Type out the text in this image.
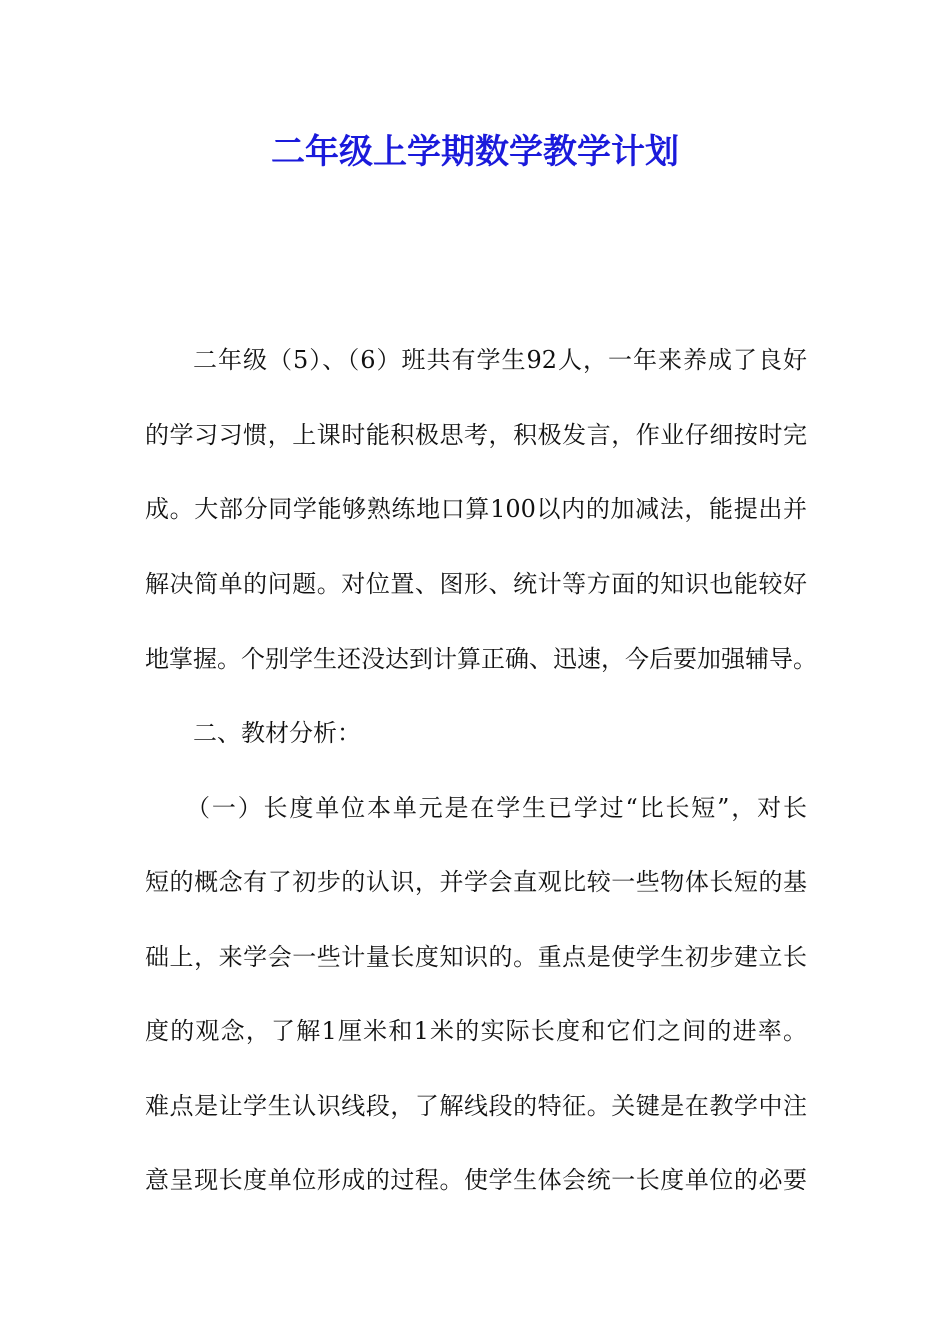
二年级上学期数学教学计划

二年级（5）、（6）班共有学生92人，一年来养成了良好

的学习习惯，上课时能积极思考，积极发言，作业仔细按时完

成。大部分同学能够熟练地口算100以内的加减法，能提出并

解决简单的问题。对位置、图形、统计等方面的知识也能较好

地掌握。个别学生还没达到计算正确、迅速，今后要加强辅导。

二、教材分析：

（一）长度单位本单元是在学生已学过“比长短”，对长

短的概念有了初步的认识，并学会直观比较一些物体长短的基

础上，来学会一些计量长度知识的。重点是使学生初步建立长

度的观念，了解1厘米和1米的实际长度和它们之间的进率。

难点是让学生认识线段，了解线段的特征。关键是在教学中注

意呈现长度单位形成的过程。使学生体会统一长度单位的必要
